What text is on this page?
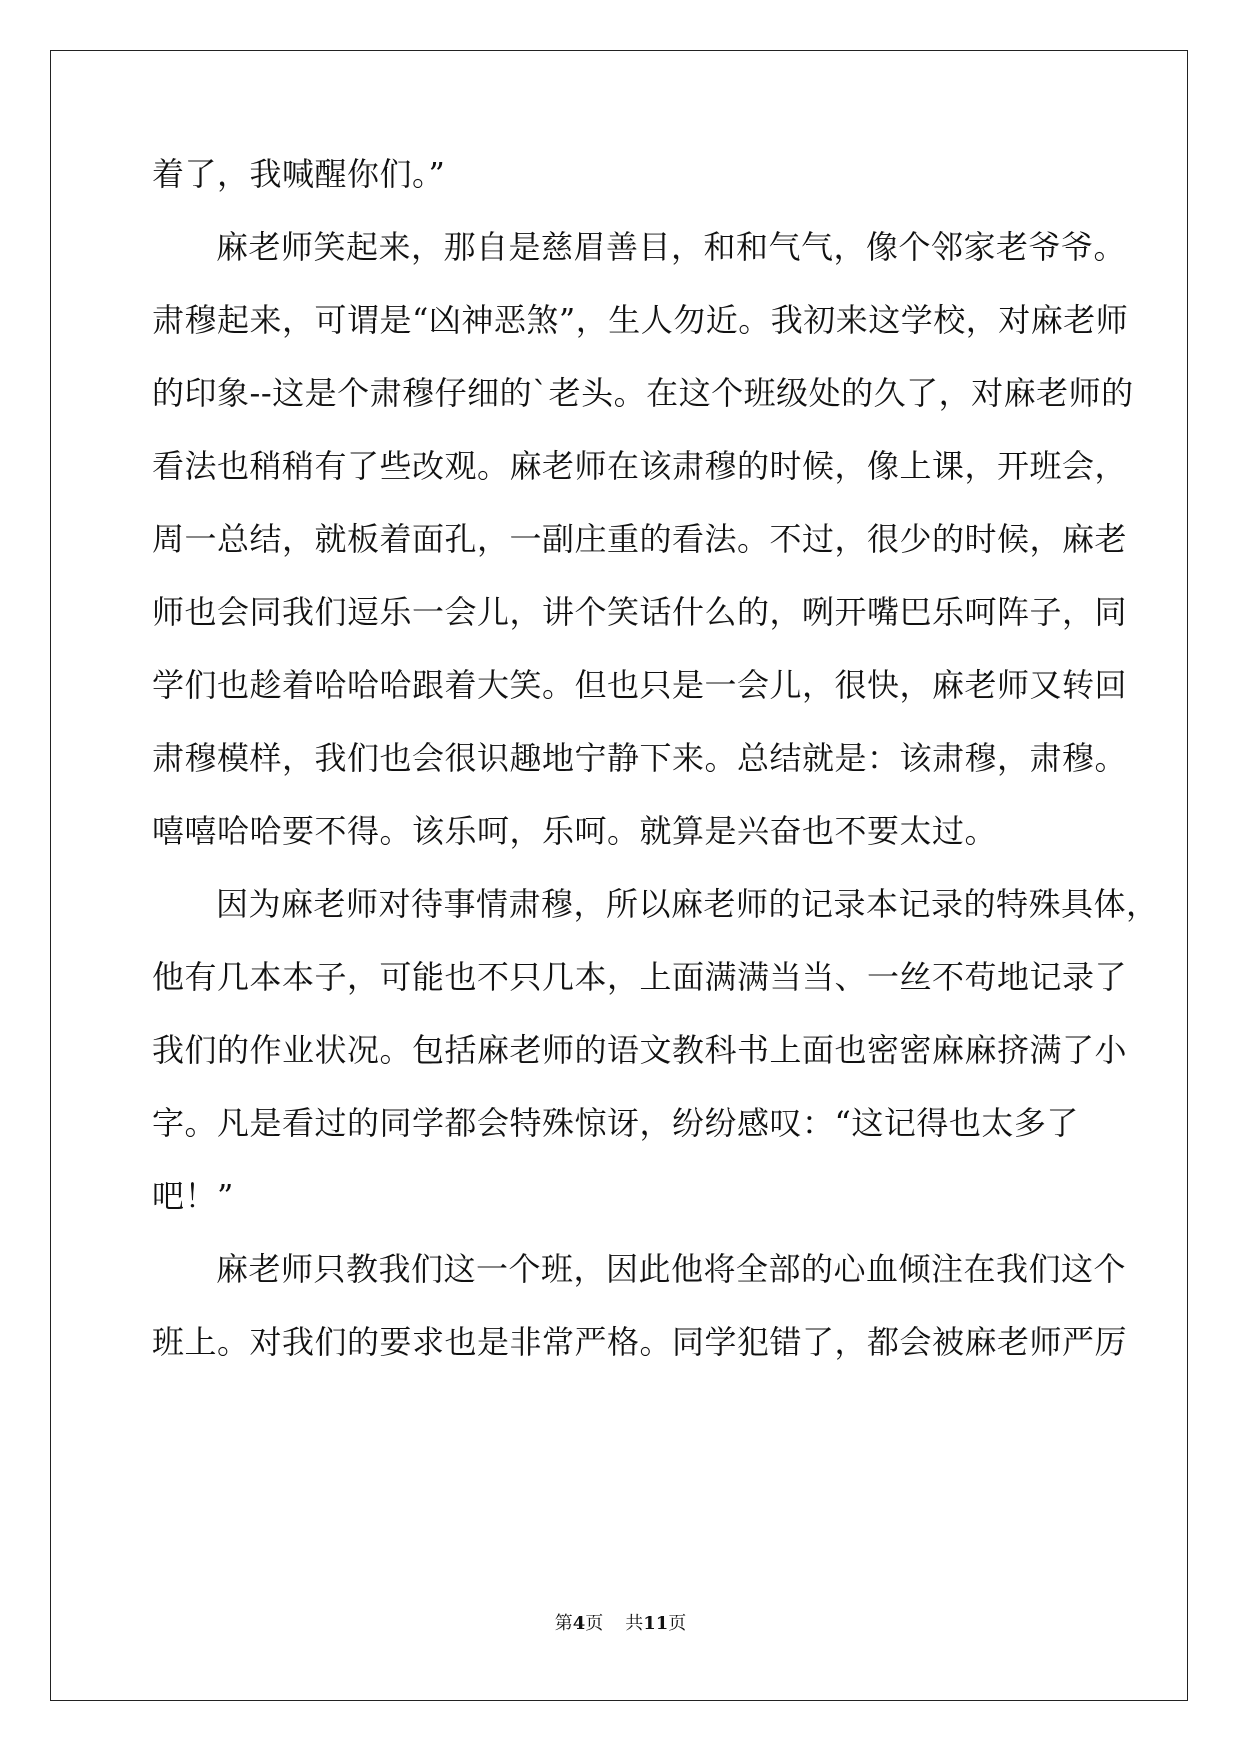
着了，我喊醒你们。”
麻老师笑起来，那自是慈眉善目，和和气气，像个邻家老爷爷。
肃穆起来，可谓是“凶神恶煞”，生人勿近。我初来这学校，对麻老师
的印象--这是个肃穆仔细的`老头。在这个班级处的久了，对麻老师的
看法也稍稍有了些改观。麻老师在该肃穆的时候，像上课，开班会，
周一总结，就板着面孔，一副庄重的看法。不过，很少的时候，麻老
师也会同我们逗乐一会儿，讲个笑话什么的，咧开嘴巴乐呵阵子，同
学们也趁着哈哈哈跟着大笑。但也只是一会儿，很快，麻老师又转回
肃穆模样，我们也会很识趣地宁静下来。总结就是：该肃穆，肃穆。
嘻嘻哈哈要不得。该乐呵，乐呵。就算是兴奋也不要太过。
因为麻老师对待事情肃穆，所以麻老师的记录本记录的特殊具体，
他有几本本子，可能也不只几本，上面满满当当、一丝不苟地记录了
我们的作业状况。包括麻老师的语文教科书上面也密密麻麻挤满了小
字。凡是看过的同学都会特殊惊讶，纷纷感叹：“这记得也太多了
吧！”
麻老师只教我们这一个班，因此他将全部的心血倾注在我们这个
班上。对我们的要求也是非常严格。同学犯错了，都会被麻老师严厉
第4页 共11页
